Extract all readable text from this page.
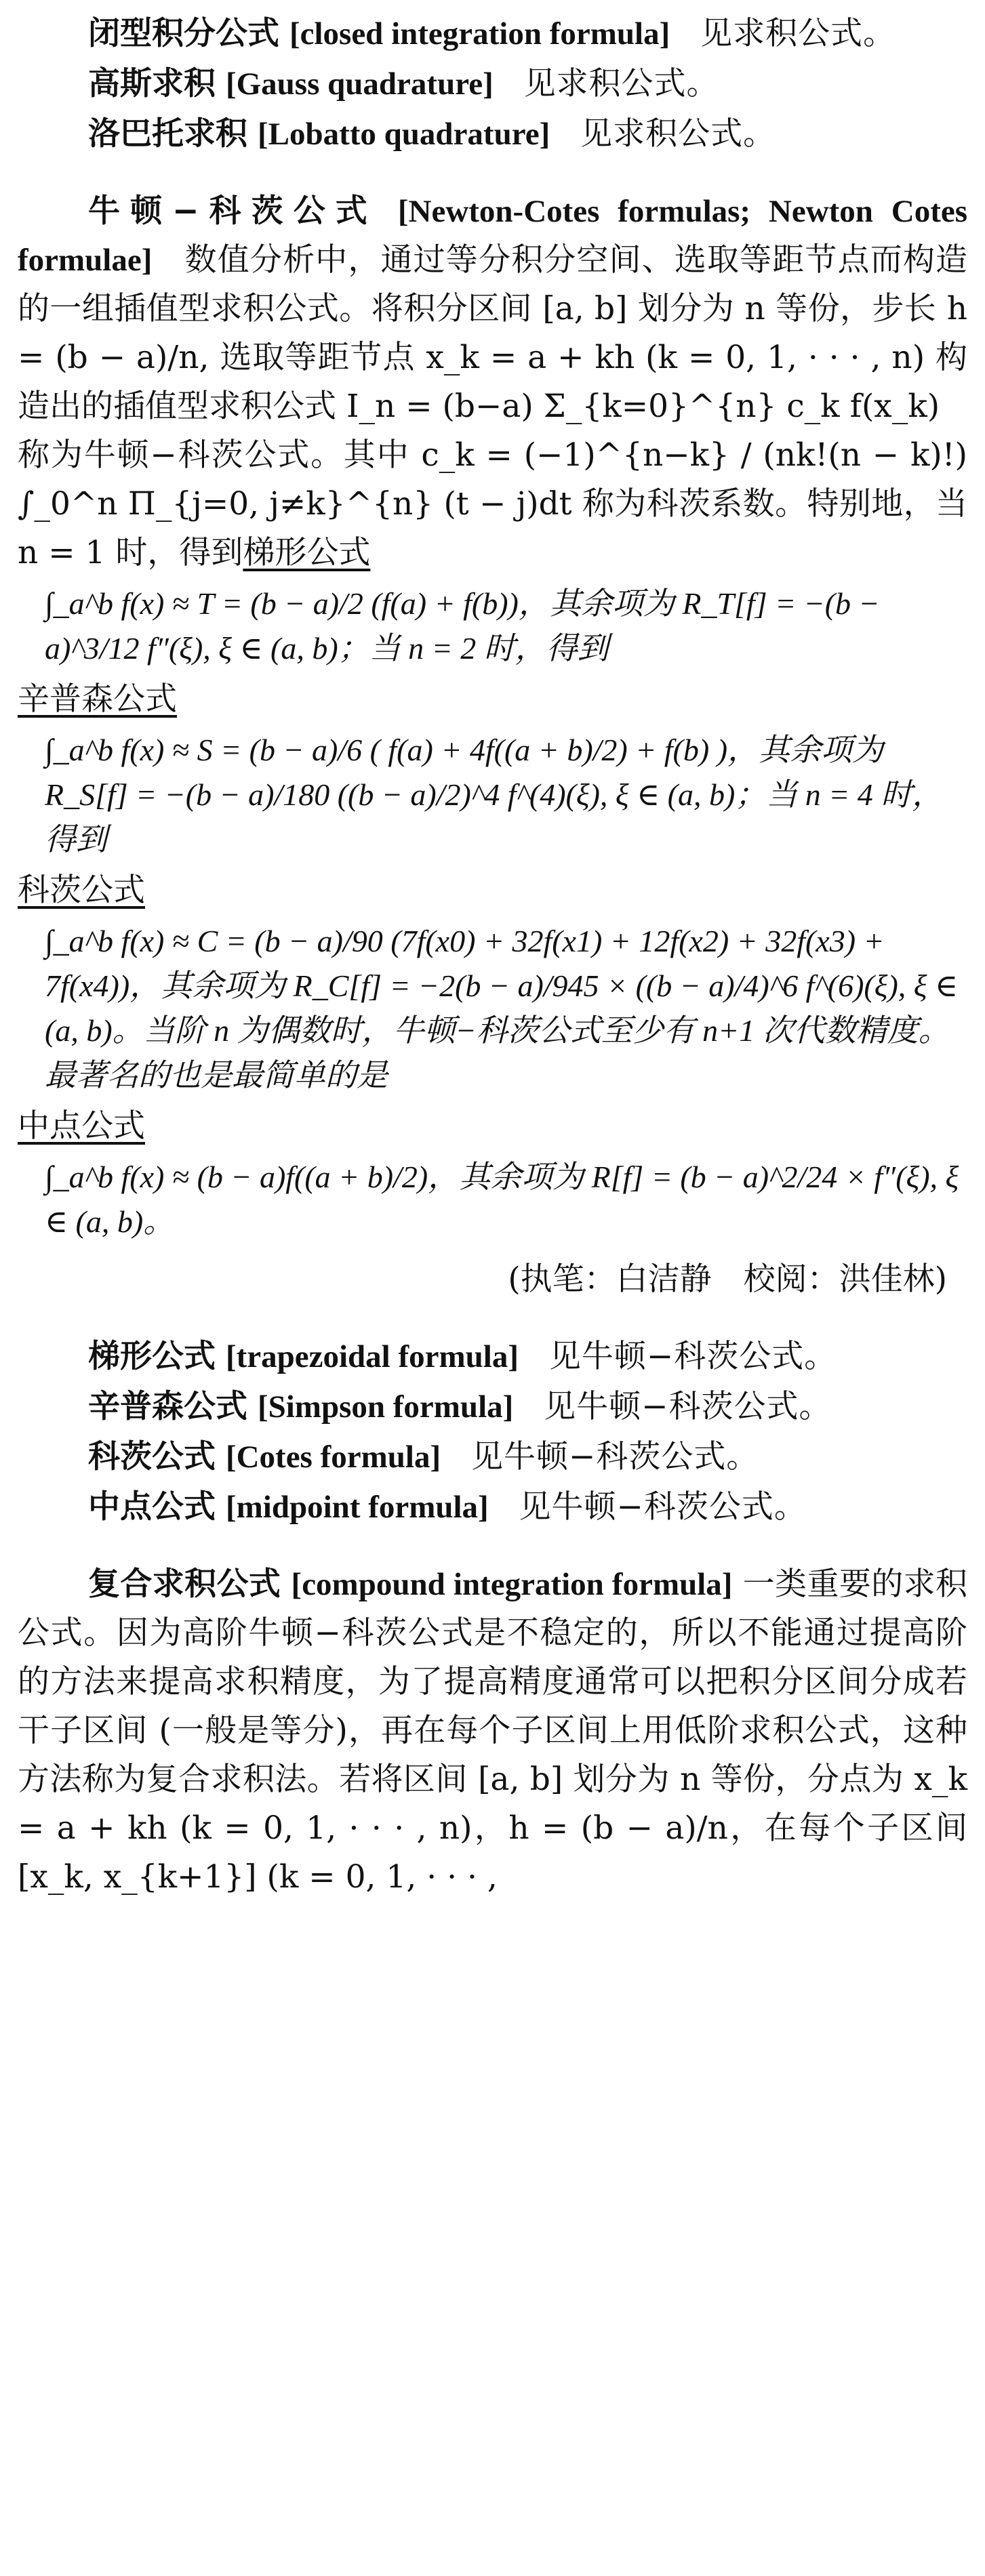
闭型积分公式 [closed integration formula] 见求积公式。

高斯求积 [Gauss quadrature] 见求积公式。

洛巴托求积 [Lobatto quadrature] 见求积公式。

牛顿−科茨公式 [Newton-Cotes formulas; Newton Cotes formulae] 数值分析中，通过等分积分空间、选取等距节点而构造的一组插值型求积公式。将积分区间 [a, b] 划分为 n 等份，步长 h = (b − a)/n, 选取等距节点 x_k = a + kh (k = 0, 1, · · · , n) 构造出的插值型求积公式 I_n = (b−a) Σ_{k=0}^{n} c_k f(x_k)
称为牛顿−科茨公式。其中 c_k = (−1)^{n−k} / (nk!(n − k)!) ∫_0^n Π_{j=0, j≠k}^{n} (t − j)dt 称为科茨系数。特别地，当 n = 1 时，得到梯形公式
∫_a^b f(x) ≈ T = (b − a)/2 (f(a) + f(b))，其余项为 R_T[f] = −(b − a)^3/12 f″(ξ), ξ ∈ (a, b)；当 n = 2 时，得到
辛普森公式
∫_a^b f(x) ≈ S = (b − a)/6 ( f(a) + 4f((a + b)/2) + f(b) )，其余项为 R_S[f] = −(b − a)/180 ((b − a)/2)^4 f^(4)(ξ), ξ ∈ (a, b)；当 n = 4 时，得到
科茨公式
∫_a^b f(x) ≈ C = (b − a)/90 (7f(x0) + 32f(x1) + 12f(x2) + 32f(x3) + 7f(x4))，其余项为 R_C[f] = −2(b − a)/945 × ((b − a)/4)^6 f^(6)(ξ), ξ ∈ (a, b)。当阶 n 为偶数时，牛顿−科茨公式至少有 n+1 次代数精度。最著名的也是最简单的是
中点公式
∫_a^b f(x) ≈ (b − a)f((a + b)/2)，其余项为 R[f] = (b − a)^2/24 × f″(ξ), ξ ∈ (a, b)。
(执笔：白洁静　校阅：洪佳林)

梯形公式 [trapezoidal formula] 见牛顿−科茨公式。

辛普森公式 [Simpson formula] 见牛顿−科茨公式。

科茨公式 [Cotes formula] 见牛顿−科茨公式。

中点公式 [midpoint formula] 见牛顿−科茨公式。

复合求积公式 [compound integration formula] 一类重要的求积公式。因为高阶牛顿−科茨公式是不稳定的，所以不能通过提高阶的方法来提高求积精度，为了提高精度通常可以把积分区间分成若干子区间 (一般是等分)，再在每个子区间上用低阶求积公式，这种方法称为复合求积法。若将区间 [a, b] 划分为 n 等份，分点为 x_k = a + kh (k = 0, 1, · · · , n)，h = (b − a)/n，在每个子区间 [x_k, x_{k+1}] (k = 0, 1, · · · ,
